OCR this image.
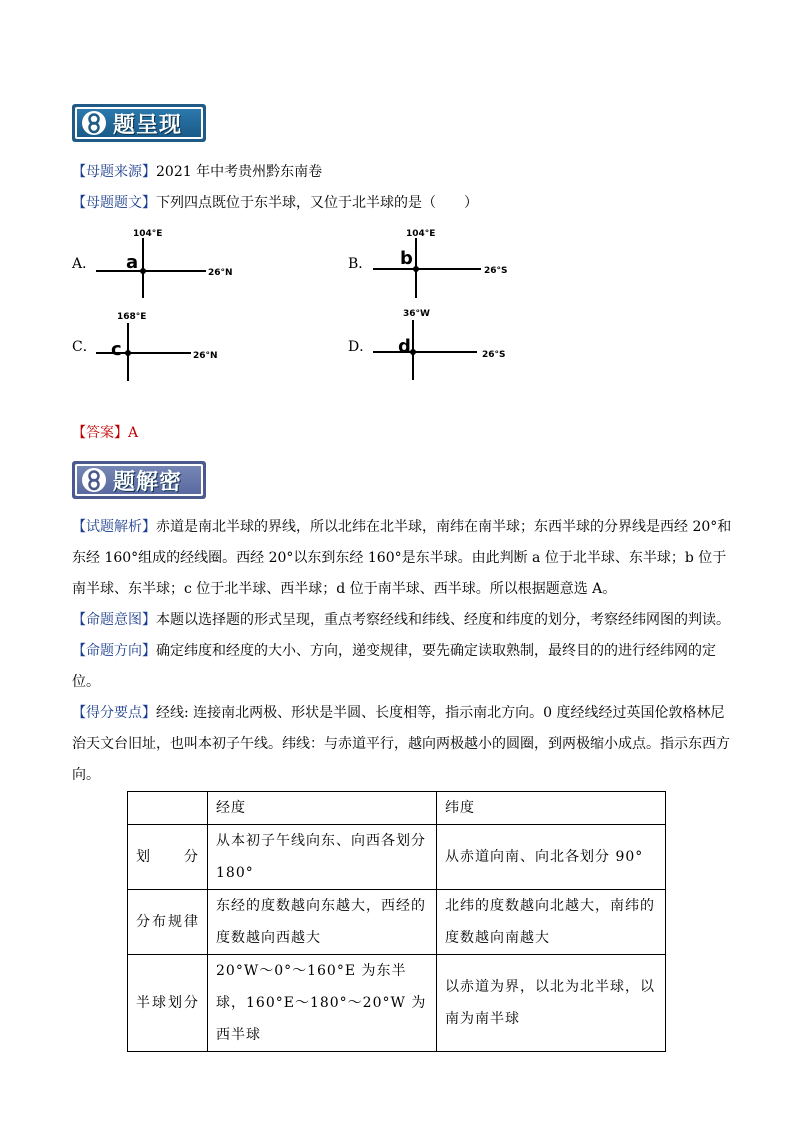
题呈现
【母题来源】2021 年中考贵州黔东南卷
【母题题文】下列四点既位于东半球，又位于北半球的是（　　）
A．	B．
C．	D．
104°E
26°N
a
104°E
26°S
b
168°E
26°N
c
36°W
26°S
d
【答案】A
题解密
【试题解析】赤道是南北半球的界线，所以北纬在北半球，南纬在南半球；东西半球的分界线是西经 20°和东经 160°组成的经线圈。西经 20°以东到东经 160°是东半球。由此判断 a 位于北半球、东半球；b 位于南半球、东半球；c 位于北半球、西半球；d 位于南半球、西半球。所以根据题意选 A。
【命题意图】本题以选择题的形式呈现，重点考察经线和纬线、经度和纬度的划分，考察经纬网图的判读。
【命题方向】确定纬度和经度的大小、方向，递变规律，要先确定读取熟制，最终目的的进行经纬网的定位。
【得分要点】经线: 连接南北两极、形状是半圆、长度相等，指示南北方向。0 度经线经过英国伦敦格林尼治天文台旧址，也叫本初子午线。纬线：与赤道平行，越向两极越小的圆圈，到两极缩小成点。指示东西方向。
	经度	纬度
划分	从本初子午线向东、向西各划分 180°	从赤道向南、向北各划分 90°
分布规律	东经的度数越向东越大，西经的度数越向西越大	北纬的度数越向北越大，南纬的度数越向南越大
半球划分	20°W～0°～160°E 为东半球，160°E～180°～20°W 为西半球	以赤道为界，以北为北半球，以南为南半球
